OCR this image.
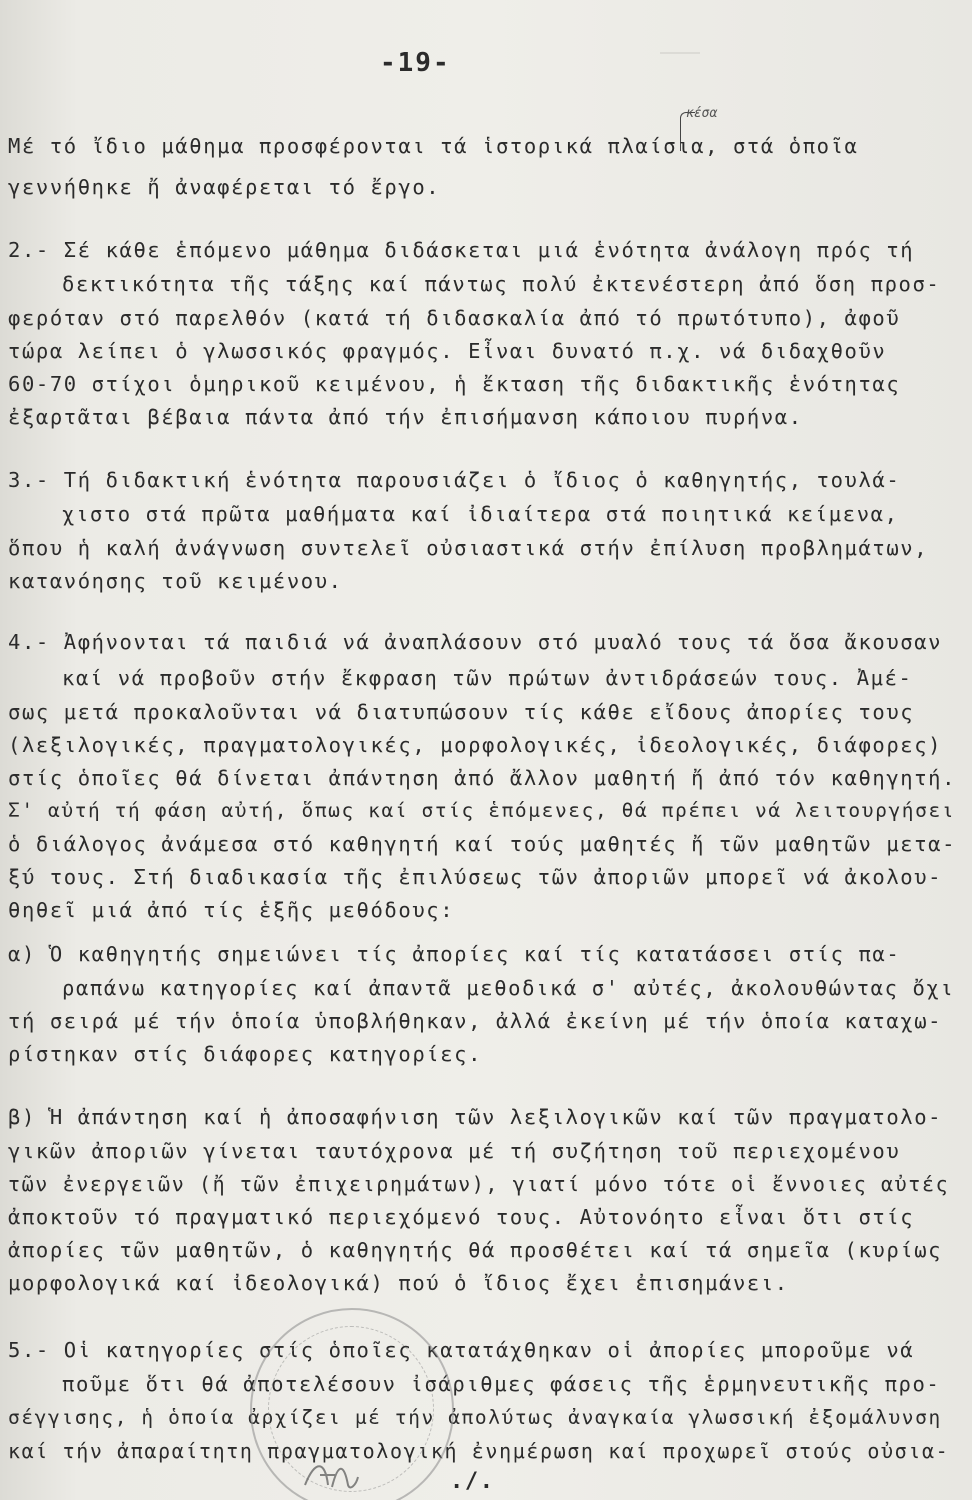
-19-
κέσα
Μέ τό ἴδιο μάθημα προσφέρονται τά ἱστορικά πλαίσια, στά ὁποῖα
γεννήθηκε ἤ ἀναφέρεται τό ἔργο.
2.- Σέ κάθε ἑπόμενο μάθημα διδάσκεται μιά ἑνότητα ἀνάλογη πρός τή
δεκτικότητα τῆς τάξης καί πάντως πολύ ἐκτενέστερη ἀπό ὅση προσ-
φερόταν στό παρελθόν (κατά τή διδασκαλία ἀπό τό πρωτότυπο), ἀφοῦ
τώρα λείπει ὁ γλωσσικός φραγμός. Εἶναι δυνατό π.χ. νά διδαχθοῦν
60-70 στίχοι ὁμηρικοῦ κειμένου, ἡ ἔκταση τῆς διδακτικῆς ἑνότητας
ἐξαρτᾶται βέβαια πάντα ἀπό τήν ἐπισήμανση κάποιου πυρήνα.
3.- Τή διδακτική ἑνότητα παρουσιάζει ὁ ἴδιος ὁ καθηγητής, τουλά-
χιστο στά πρῶτα μαθήματα καί ἰδιαίτερα στά ποιητικά κείμενα,
ὅπου ἡ καλή ἀνάγνωση συντελεῖ οὐσιαστικά στήν ἐπίλυση προβλημάτων,
κατανόησης τοῦ κειμένου.
4.- Ἀφήνονται τά παιδιά νά ἀναπλάσουν στό μυαλό τους τά ὅσα ἄκουσαν
καί νά προβοῦν στήν ἔκφραση τῶν πρώτων ἀντιδράσεών τους. Ἀμέ-
σως μετά προκαλοῦνται νά διατυπώσουν τίς κάθε εἴδους ἀπορίες τους
(λεξιλογικές, πραγματολογικές, μορφολογικές, ἰδεολογικές, διάφορες)
στίς ὁποῖες θά δίνεται ἀπάντηση ἀπό ἄλλον μαθητή ἤ ἀπό τόν καθηγητή.
Σ' αὐτή τή φάση αὐτή, ὅπως καί στίς ἑπόμενες, θά πρέπει νά λειτουργήσει
ὁ διάλογος ἀνάμεσα στό καθηγητή καί τούς μαθητές ἤ τῶν μαθητῶν μετα-
ξύ τους. Στή διαδικασία τῆς ἐπιλύσεως τῶν ἀποριῶν μπορεῖ νά ἀκολου-
θηθεῖ μιά ἀπό τίς ἑξῆς μεθόδους:
α) Ὁ καθηγητής σημειώνει τίς ἀπορίες καί τίς κατατάσσει στίς πα-
ραπάνω κατηγορίες καί ἀπαντᾶ μεθοδικά σ' αὐτές, ἀκολουθώντας ὄχι
τή σειρά μέ τήν ὁποία ὑποβλήθηκαν, ἀλλά ἐκείνη μέ τήν ὁποία καταχω-
ρίστηκαν στίς διάφορες κατηγορίες.
β) Ἡ ἀπάντηση καί ἡ ἀποσαφήνιση τῶν λεξιλογικῶν καί τῶν πραγματολο-
γικῶν ἀποριῶν γίνεται ταυτόχρονα μέ τή συζήτηση τοῦ περιεχομένου
τῶν ἐνεργειῶν (ἤ τῶν ἐπιχειρημάτων), γιατί μόνο τότε οἱ ἔννοιες αὐτές
ἀποκτοῦν τό πραγματικό περιεχόμενό τους. Αὐτονόητο εἶναι ὅτι στίς
ἀπορίες τῶν μαθητῶν, ὁ καθηγητής θά προσθέτει καί τά σημεῖα (κυρίως
μορφολογικά καί ἰδεολογικά) πού ὁ ἴδιος ἔχει ἐπισημάνει.
5.- Οἱ κατηγορίες στίς ὁποῖες κατατάχθηκαν οἱ ἀπορίες μποροῦμε νά
ποῦμε ὅτι θά ἀποτελέσουν ἰσάριθμες φάσεις τῆς ἑρμηνευτικῆς προ-
σέγγισης, ἡ ὁποία ἀρχίζει μέ τήν ἀπολύτως ἀναγκαία γλωσσική ἐξομάλυνση
καί τήν ἀπαραίτητη πραγματολογική ἐνημέρωση καί προχωρεῖ στούς οὐσια-
./.
